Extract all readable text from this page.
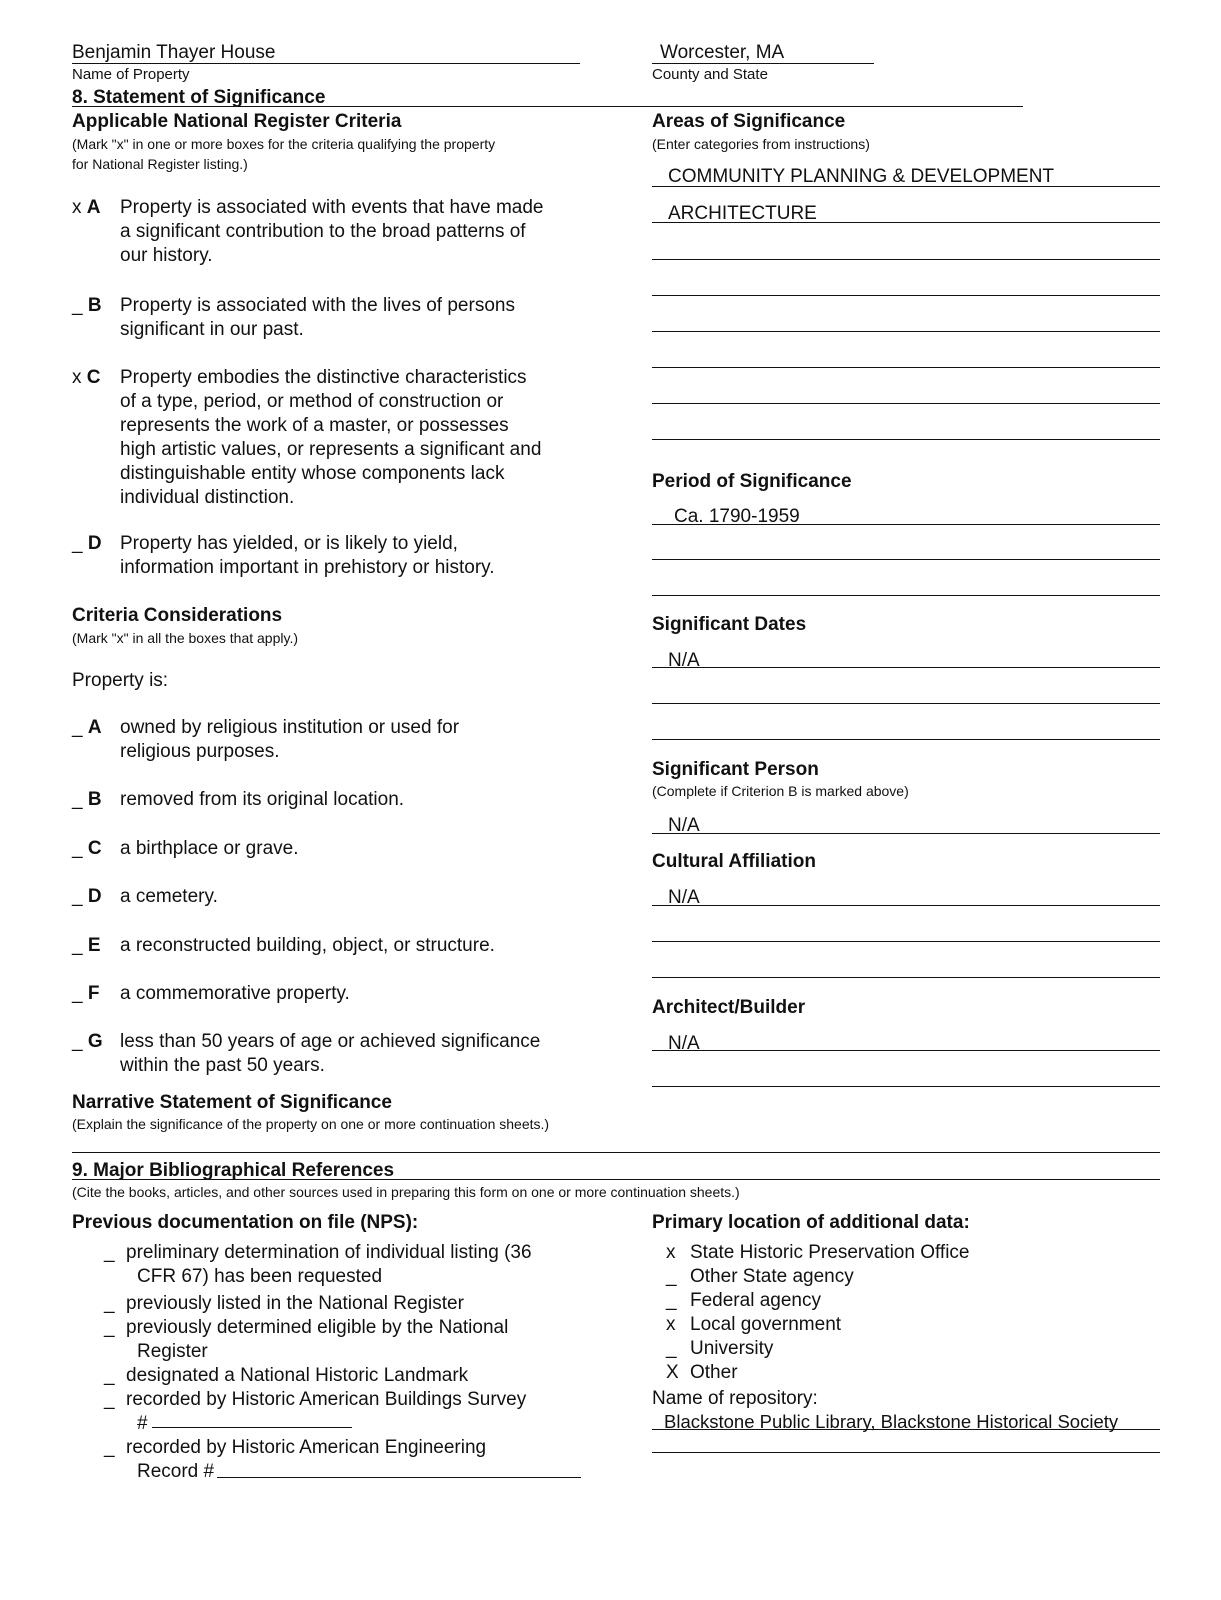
Benjamin Thayer House
Name of Property
Worcester, MA
County and State
8. Statement of Significance
Applicable National Register Criteria
(Mark "x" in one or more boxes for the criteria qualifying the property
for National Register listing.)
x A	Property is associated with events that have made
a significant contribution to the broad patterns of
our history.
_ B Property is associated with the lives of persons
significant in our past.
x C	Property embodies the distinctive characteristics
of a type, period, or method of construction or
represents the work of a master, or possesses
high artistic values, or represents a significant and
distinguishable entity whose components lack
individual distinction.
_ D Property has yielded, or is likely to yield,
information important in prehistory or history.
Criteria Considerations
(Mark "x" in all the boxes that apply.)
Property is:
_ A owned by religious institution or used for
religious purposes.
_ B removed from its original location.
_ C a birthplace or grave.
_ D a cemetery.
_ E	a reconstructed building, object, or structure.
_ F	a commemorative property.
_ G less than 50 years of age or achieved significance
within the past 50 years.
Narrative Statement of Significance
(Explain the significance of the property on one or more continuation sheets.)
Areas of Significance
(Enter categories from instructions)
COMMUNITY PLANNING & DEVELOPMENT
ARCHITECTURE
Period of Significance
Ca. 1790-1959
Significant Dates
N/A
Significant Person
(Complete if Criterion B is marked above)
N/A
Cultural Affiliation
N/A
Architect/Builder
N/A
9. Major Bibliographical References
(Cite the books, articles, and other sources used in preparing this form on one or more continuation sheets.)
Previous documentation on file (NPS):
_ preliminary determination of individual listing (36
CFR 67) has been requested
_ previously listed in the National Register
_ previously determined eligible by the National
Register
_ designated a National Historic Landmark
_ recorded by Historic American Buildings Survey
#
_ recorded by Historic American Engineering
Record #
Primary location of additional data:
x State Historic Preservation Office
_ Other State agency
_ Federal agency
x Local government
_ University
X Other
Name of repository:
Blackstone Public Library, Blackstone Historical Society
